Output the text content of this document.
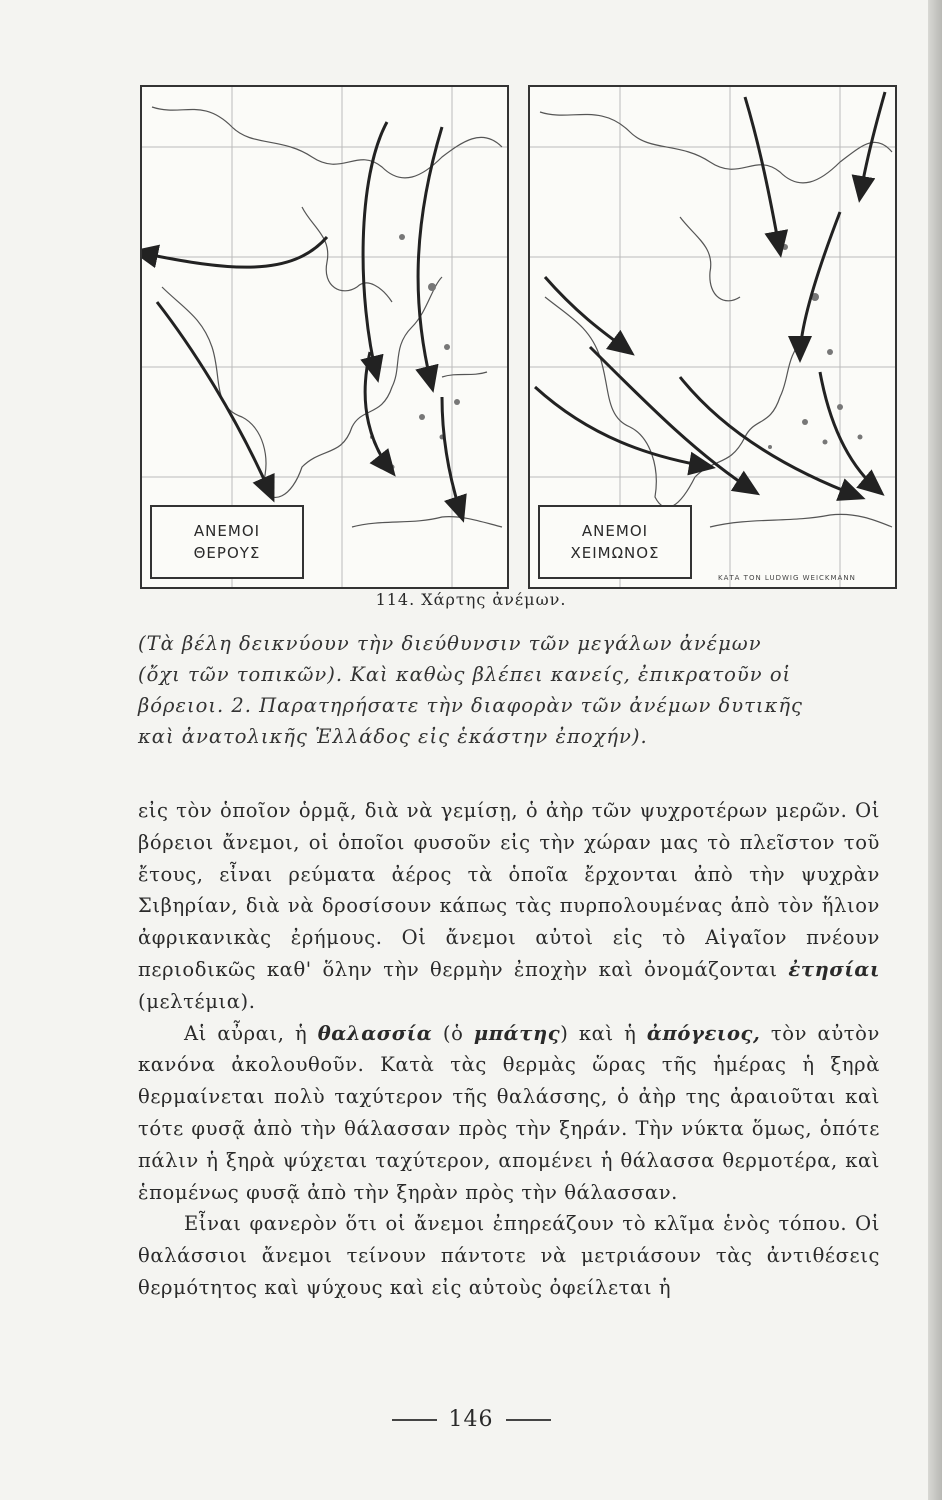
ΑΝΕΜΟΙ
ΘΕΡΟΥΣ
ΑΝΕΜΟΙ
ΧΕΙΜΩΝΟΣ
ΚΑΤΑ ΤΟΝ LUDWIG WEICKMANN
114. Χάρτης ἀνέμων.

(Τὰ βέλη δεικνύουν τὴν διεύθυνσιν τῶν μεγάλων ἀνέμων

(ὄχι τῶν τοπικῶν). Καὶ καθὼς βλέπει κανείς, ἐπικρατοῦν οἱ

βόρειοι. 2. Παρατηρήσατε τὴν διαφορὰν τῶν ἀνέμων δυτικῆς

καὶ ἀνατολικῆς Ἑλλάδος εἰς ἑκάστην ἐποχήν).

εἰς τὸν ὁποῖον ὁρμᾷ, διὰ νὰ γεμίσῃ, ὁ ἀὴρ τῶν ψυχροτέρων μερῶν. Οἱ βόρειοι ἄνεμοι, οἱ ὁποῖοι φυσοῦν εἰς τὴν χώραν μας τὸ πλεῖστον τοῦ ἔτους, εἶναι ρεύματα ἀέρος τὰ ὁποῖα ἔρχονται ἀπὸ τὴν ψυχρὰν Σιβηρίαν, διὰ νὰ δροσίσουν κάπως τὰς πυρπολουμένας ἀπὸ τὸν ἥλιον ἀφρικανικὰς ἐρήμους. Οἱ ἄνεμοι αὐτοὶ εἰς τὸ Αἰγαῖον πνέουν περιοδικῶς καθ' ὅλην τὴν θερμὴν ἐποχὴν καὶ ὀνομάζονται ἐτησίαι (μελτέμια).

Αἱ αὖραι, ἡ θαλασσία (ὁ μπάτης) καὶ ἡ ἀπόγειος, τὸν αὐτὸν κανόνα ἀκολουθοῦν. Κατὰ τὰς θερμὰς ὥρας τῆς ἡμέρας ἡ ξηρὰ θερμαίνεται πολὺ ταχύτερον τῆς θαλάσσης, ὁ ἀὴρ της ἀραιοῦται καὶ τότε φυσᾷ ἀπὸ τὴν θάλασσαν πρὸς τὴν ξηράν. Τὴν νύκτα ὅμως, ὁπότε πάλιν ἡ ξηρὰ ψύχεται ταχύτερον, απομένει ἡ θάλασσα θερμοτέρα, καὶ ἑπομένως φυσᾷ ἀπὸ τὴν ξηρὰν πρὸς τὴν θάλασσαν.

Εἶναι φανερὸν ὅτι οἱ ἄνεμοι ἐπηρεάζουν τὸ κλῖμα ἑνὸς τόπου. Οἱ θαλάσσιοι ἄνεμοι τείνουν πάντοτε νὰ μετριάσουν τὰς ἀντιθέσεις θερμότητος καὶ ψύχους καὶ εἰς αὐτοὺς ὀφείλεται ἡ

146
